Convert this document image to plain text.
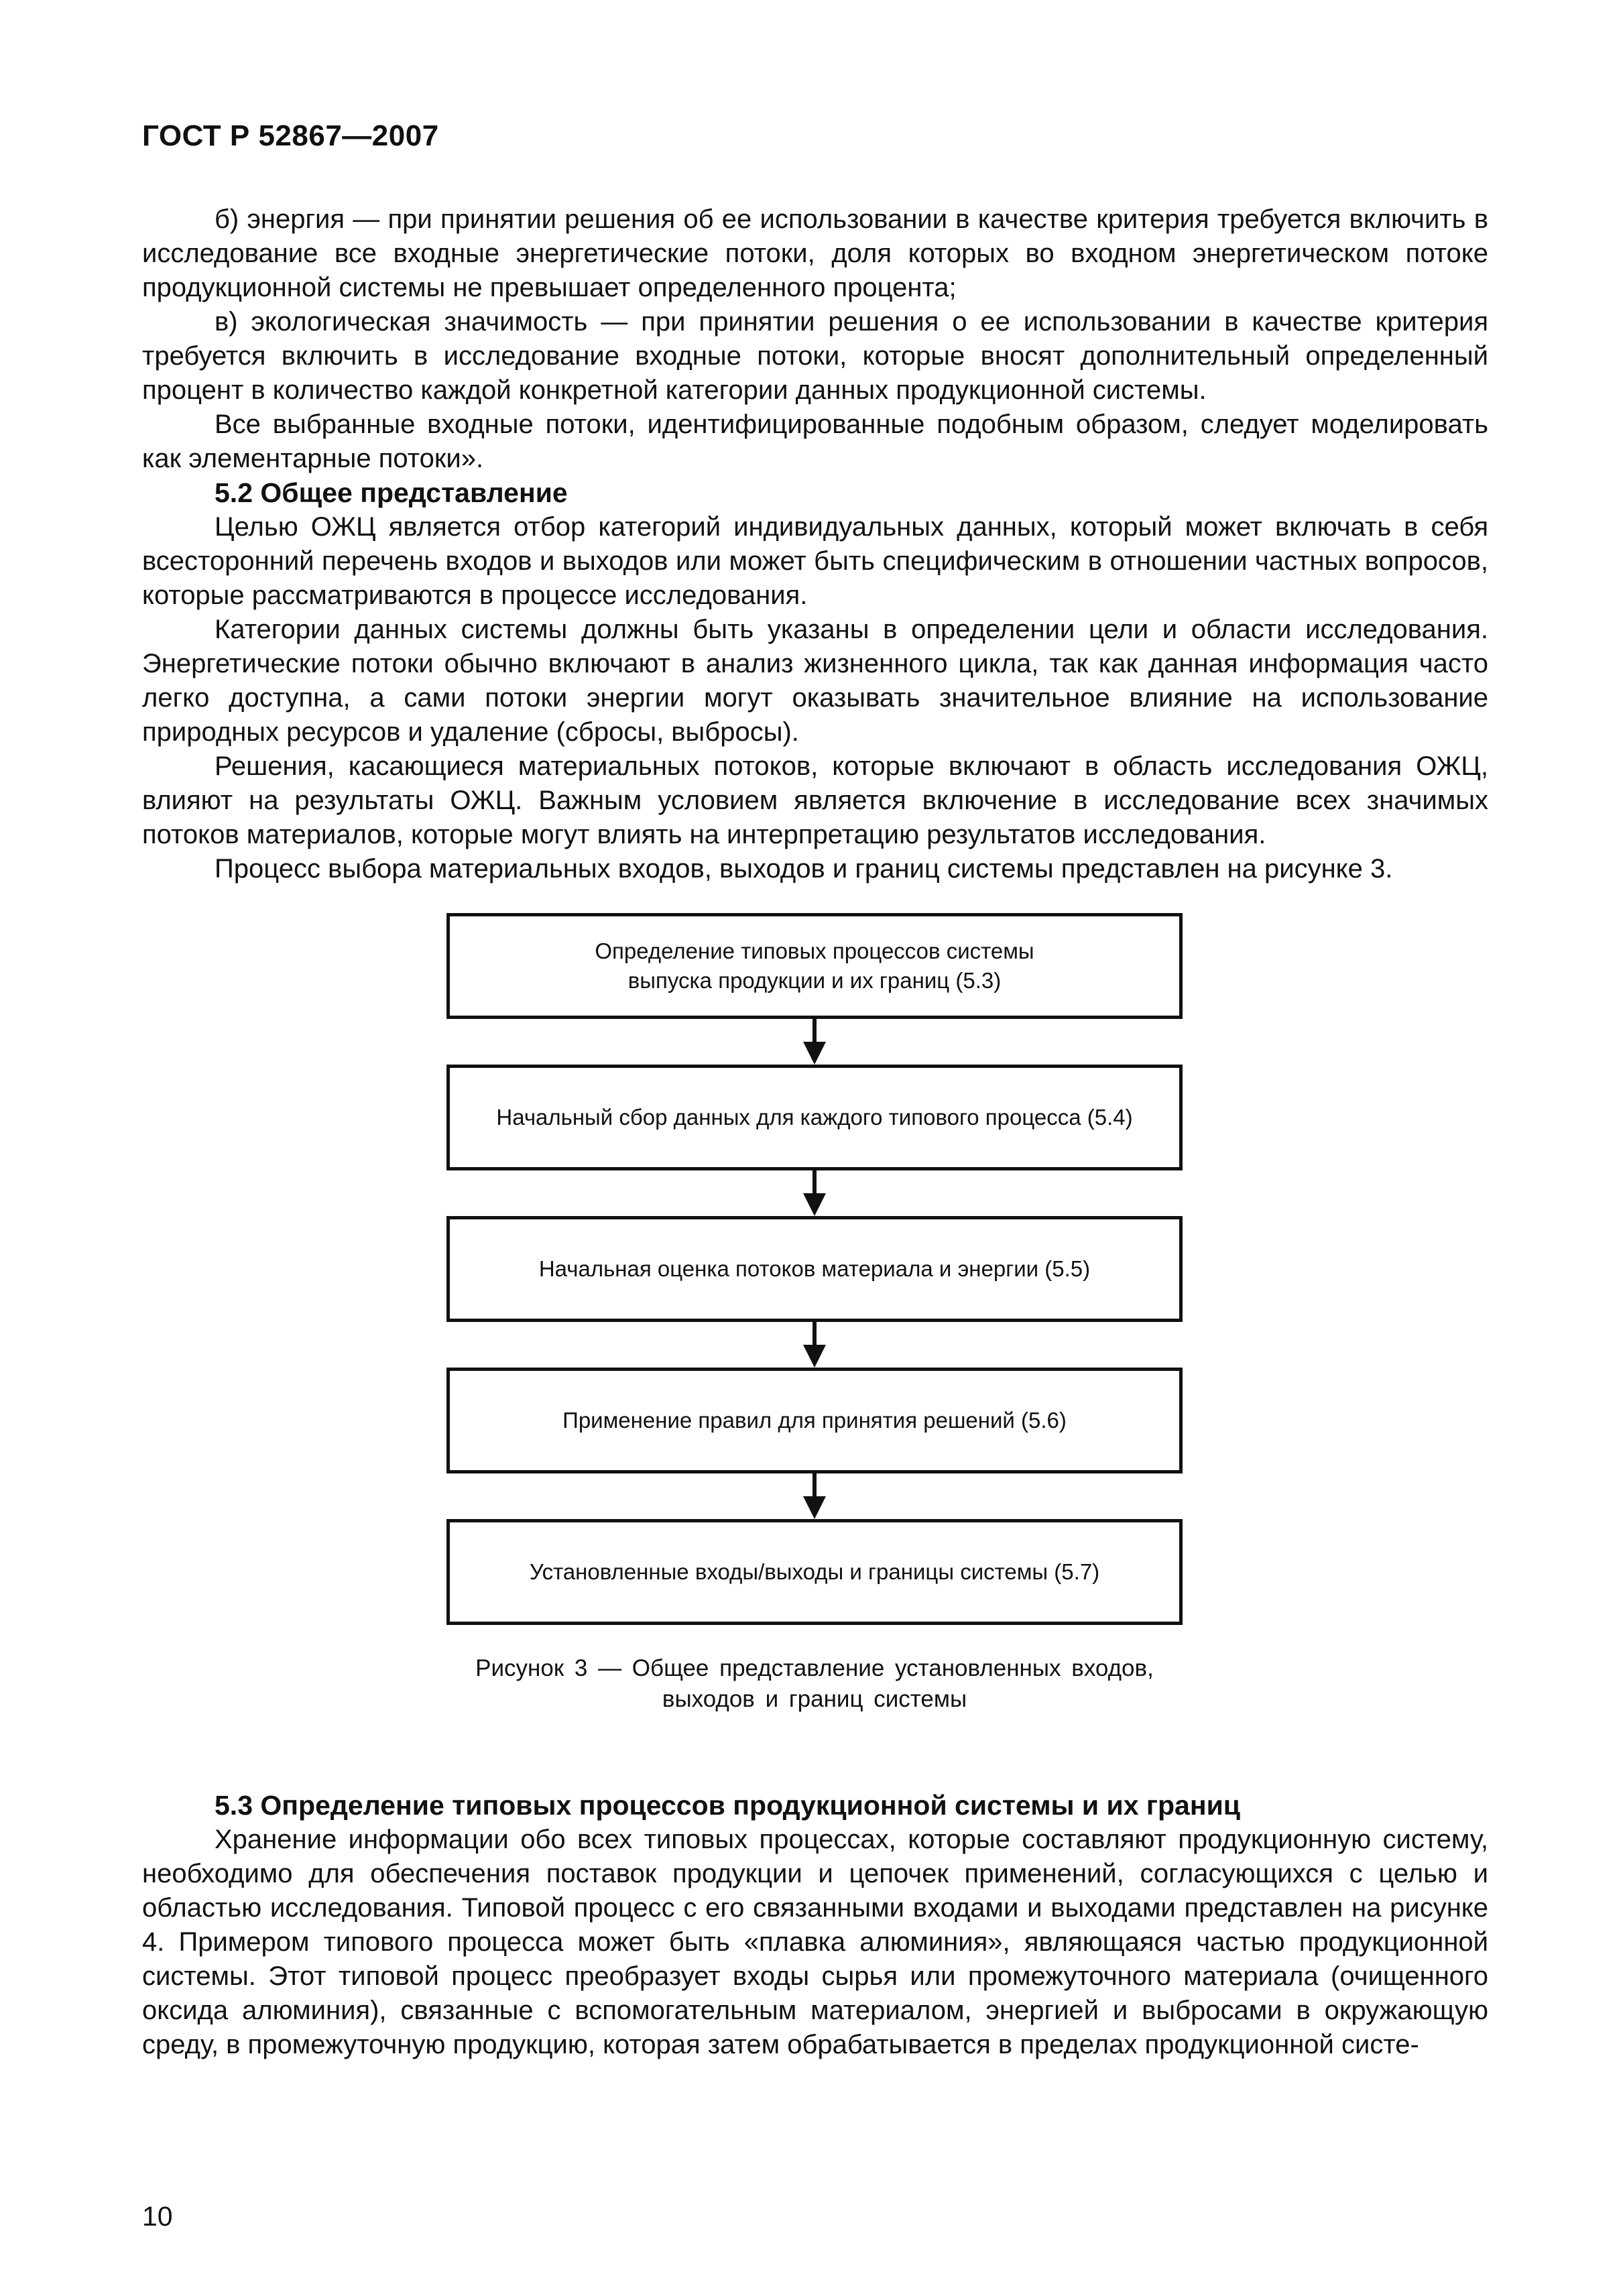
ГОСТ Р 52867—2007

б) энергия — при принятии решения об ее использовании в качестве критерия требуется включить в исследование все входные энергетические потоки, доля которых во входном энергетическом потоке продукционной системы не превышает определенного процента;

в) экологическая значимость — при принятии решения о ее использовании в качестве критерия требуется включить в исследование входные потоки, которые вносят дополнительный определенный процент в количество каждой конкретной категории данных продукционной системы.

Все выбранные входные потоки, идентифицированные подобным образом, следует моделировать как элементарные потоки».

5.2 Общее представление

Целью ОЖЦ является отбор категорий индивидуальных данных, который может включать в себя всесторонний перечень входов и выходов или может быть специфическим в отношении частных вопросов, которые рассматриваются в процессе исследования.

Категории данных системы должны быть указаны в определении цели и области исследования. Энергетические потоки обычно включают в анализ жизненного цикла, так как данная информация часто легко доступна, а сами потоки энергии могут оказывать значительное влияние на использование природных ресурсов и удаление (сбросы, выбросы).

Решения, касающиеся материальных потоков, которые включают в область исследования ОЖЦ, влияют на результаты ОЖЦ. Важным условием является включение в исследование всех значимых потоков материалов, которые могут влиять на интерпретацию результатов исследования.

Процесс выбора материальных входов, выходов и границ системы представлен на рисунке 3.

Определение типовых процессов системы
выпуска продукции и их границ (5.3)
Начальный сбор данных для каждого типового процесса (5.4)
Начальная оценка потоков материала и энергии (5.5)
Применение правил для принятия решений (5.6)
Установленные входы/выходы и границы системы (5.7)
Рисунок 3 — Общее представление установленных входов,
выходов и границ системы
5.3 Определение типовых процессов продукционной системы и их границ

Хранение информации обо всех типовых процессах, которые составляют продукционную систему, необходимо для обеспечения поставок продукции и цепочек применений, согласующихся с целью и областью исследования. Типовой процесс с его связанными входами и выходами представлен на рисунке 4. Примером типового процесса может быть «плавка алюминия», являющаяся частью продукционной системы. Этот типовой процесс преобразует входы сырья или промежуточного материала (очищенного оксида алюминия), связанные с вспомогательным материалом, энергией и выбросами в окружающую среду, в промежуточную продукцию, которая затем обрабатывается в пределах продукционной систе-

10
